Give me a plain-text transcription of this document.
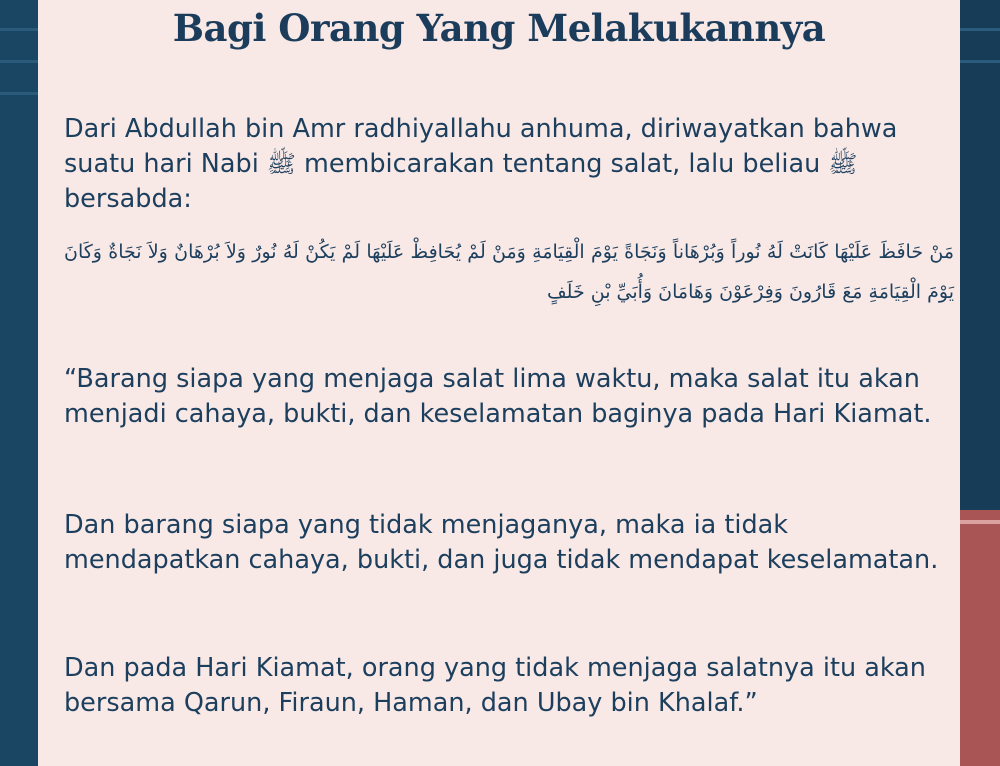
Bagi Orang Yang Melakukannya
Dari Abdullah bin Amr radhiyallahu anhuma, diriwayatkan bahwa suatu hari Nabi ﷺ membicarakan tentang salat, lalu beliau ﷺ bersabda:
مَنْ حَافَظَ عَلَيْهَا كَانَتْ لَهُ نُوراً وَبُرْهَاناً وَنَجَاةً يَوْمَ الْقِيَامَةِ وَمَنْ لَمْ يُحَافِظْ عَلَيْهَا لَمْ يَكُنْ لَهُ نُورٌ وَلاَ بُرْهَانٌ وَلاَ نَجَاةٌ وَكَانَ يَوْمَ الْقِيَامَةِ مَعَ قَارُونَ وَفِرْعَوْنَ وَهَامَانَ وَأُبَيِّ بْنِ خَلَفٍ
“Barang siapa yang menjaga salat lima waktu, maka salat itu akan menjadi cahaya, bukti, dan keselamatan baginya pada Hari Kiamat.
Dan barang siapa yang tidak menjaganya, maka ia tidak mendapatkan cahaya, bukti, dan juga tidak mendapat keselamatan.
Dan pada Hari Kiamat, orang yang tidak menjaga salatnya itu akan bersama Qarun, Firaun, Haman, dan Ubay bin Khalaf.”
